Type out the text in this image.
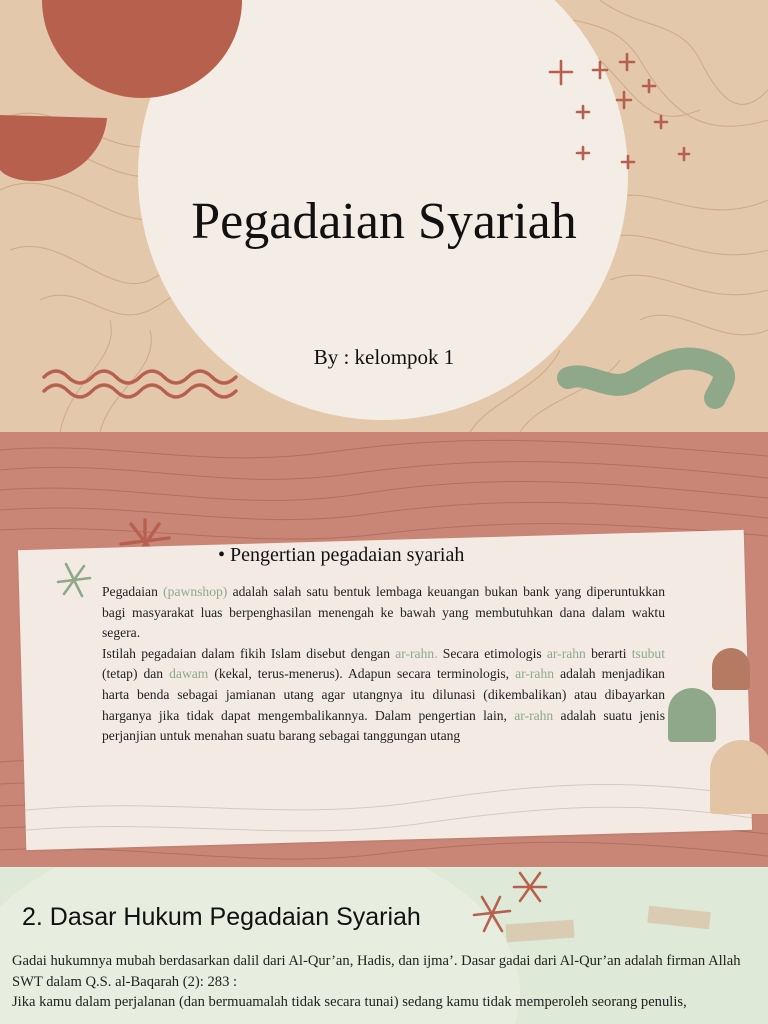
Pegadaian Syariah
By : kelompok 1
• Pengertian pegadaian syariah

Pegadaian (pawnshop) adalah salah satu bentuk lembaga keuangan bukan bank yang diperuntukkan bagi masyarakat luas berpenghasilan menengah ke bawah yang membutuhkan dana dalam waktu segera.

Istilah pegadaian dalam fikih Islam disebut dengan ar-rahn. Secara etimologis ar-rahn berarti tsubut (tetap) dan dawam (kekal, terus-menerus). Adapun secara terminologis, ar-rahn adalah menjadikan harta benda sebagai jamianan utang agar utangnya itu dilunasi (dikembalikan) atau dibayarkan harganya jika tidak dapat mengembalikannya. Dalam pengertian lain, ar-rahn adalah suatu jenis perjanjian untuk menahan suatu barang sebagai tanggungan utang

2. Dasar Hukum Pegadaian Syariah

Gadai hukumnya mubah berdasarkan dalil dari Al-Qur’an, Hadis, dan ijma’. Dasar gadai dari Al-Qur’an adalah firman Allah SWT dalam Q.S. al-Baqarah (2): 283 :

Jika kamu dalam perjalanan (dan bermuamalah tidak secara tunai) sedang kamu tidak memperoleh seorang penulis,
